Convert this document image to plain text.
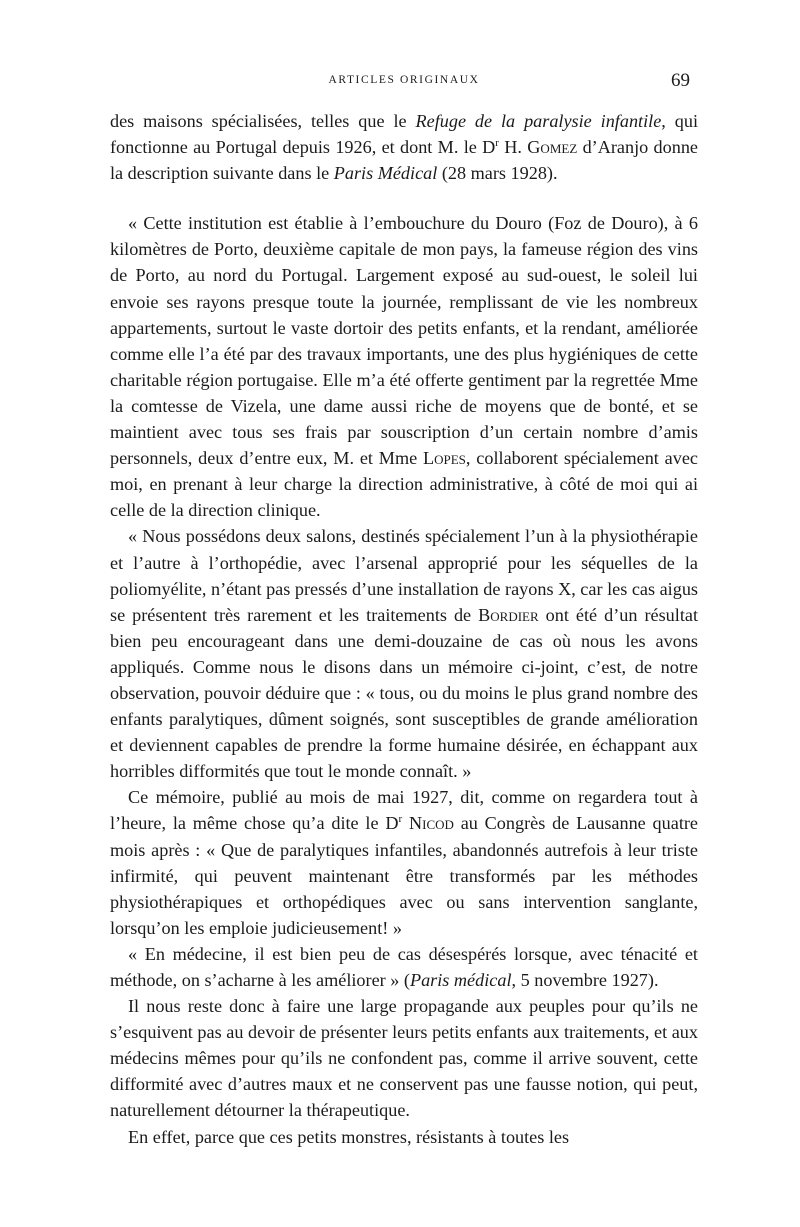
ARTICLES ORIGINAUX	69

des maisons spécialisées, telles que le Refuge de la paralysie infantile, qui fonctionne au Portugal depuis 1926, et dont M. le $D^r$ H. Gomez d’Aranjo donne la description suivante dans le Paris Médical (28 mars 1928).

« Cette institution est établie à l’embouchure du Douro (Foz de Douro), à 6 kilomètres de Porto, deuxième capitale de mon pays, la fameuse région des vins de Porto, au nord du Portugal. Largement exposé au sud-ouest, le soleil lui envoie ses rayons presque toute la journée, remplissant de vie les nombreux appartements, surtout le vaste dortoir des petits enfants, et la rendant, améliorée comme elle l’a été par des travaux importants, une des plus hygiéniques de cette charitable région portugaise. Elle m’a été offerte gentiment par la regrettée Mme la comtesse de Vizela, une dame aussi riche de moyens que de bonté, et se maintient avec tous ses frais par souscription d’un certain nombre d’amis personnels, deux d’entre eux, M. et Mme Lopes, collaborent spécialement avec moi, en prenant à leur charge la direction administrative, à côté de moi qui ai celle de la direction clinique.

« Nous possédons deux salons, destinés spécialement l’un à la physiothérapie et l’autre à l’orthopédie, avec l’arsenal approprié pour les séquelles de la poliomyélite, n’étant pas pressés d’une installation de rayons X, car les cas aigus se présentent très rarement et les traitements de Bordier ont été d’un résultat bien peu encourageant dans une demi-douzaine de cas où nous les avons appliqués. Comme nous le disons dans un mémoire ci-joint, c’est, de notre observation, pouvoir déduire que : « tous, ou du moins le plus grand nombre des enfants paralytiques, dûment soignés, sont susceptibles de grande amélioration et deviennent capables de prendre la forme humaine désirée, en échappant aux horribles difformités que tout le monde connaît. »

Ce mémoire, publié au mois de mai 1927, dit, comme on regardera tout à l’heure, la même chose qu’a dite le $D^r$ Nicod au Congrès de Lausanne quatre mois après : « Que de paralytiques infantiles, abandonnés autrefois à leur triste infirmité, qui peuvent maintenant être transformés par les méthodes physiothérapiques et orthopédiques avec ou sans intervention sanglante, lorsqu’on les emploie judicieusement! »

« En médecine, il est bien peu de cas désespérés lorsque, avec ténacité et méthode, on s’acharne à les améliorer » (Paris médical, 5 novembre 1927).

Il nous reste donc à faire une large propagande aux peuples pour qu’ils ne s’esquivent pas au devoir de présenter leurs petits enfants aux traitements, et aux médecins mêmes pour qu’ils ne confondent pas, comme il arrive souvent, cette difformité avec d’autres maux et ne conservent pas une fausse notion, qui peut, naturellement détourner la thérapeutique.

En effet, parce que ces petits monstres, résistants à toutes les
